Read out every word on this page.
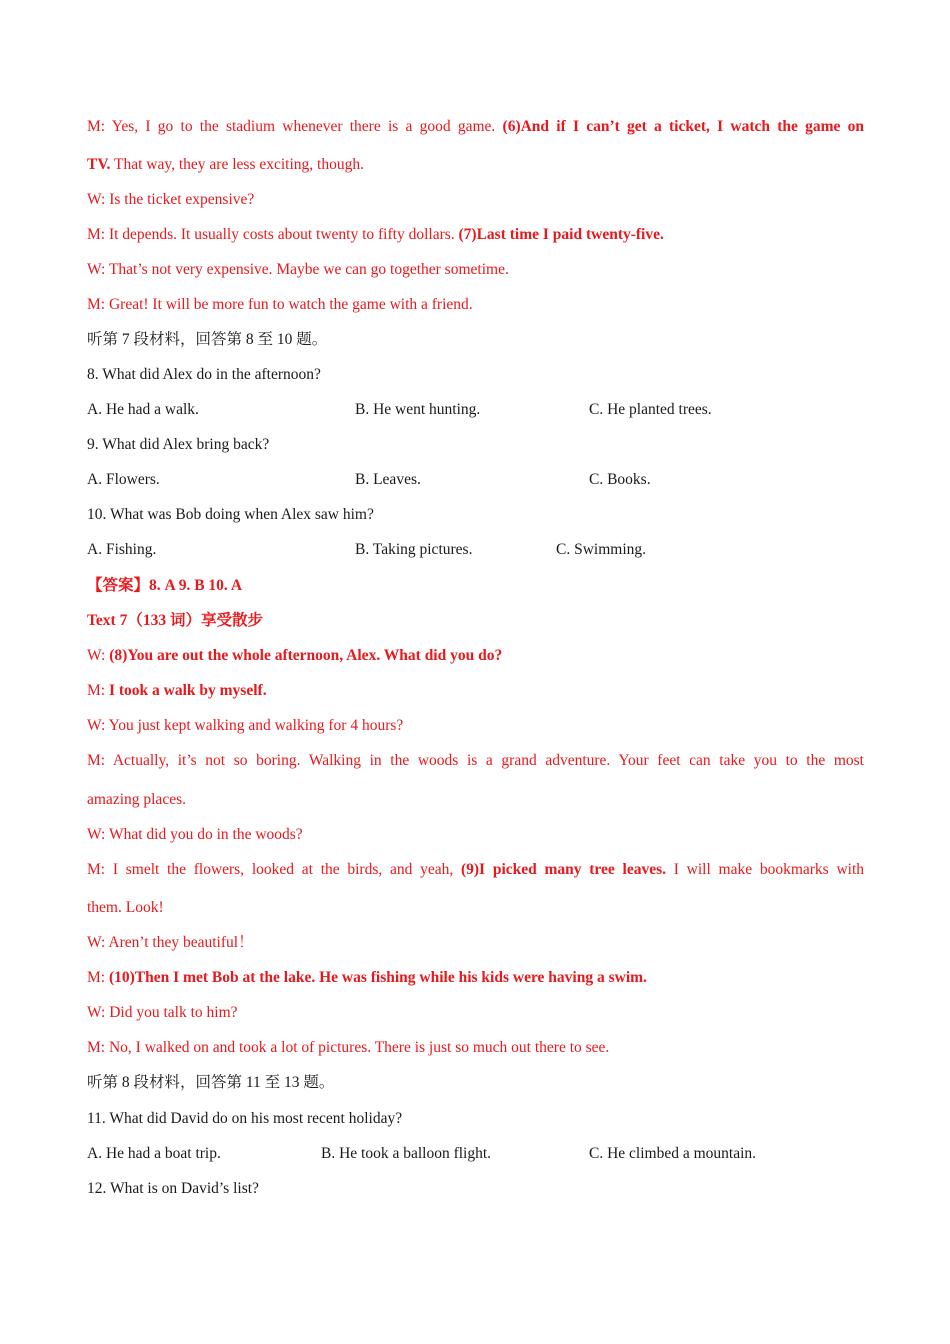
M: Yes, I go to the stadium whenever there is a good game. (6)And if I can’t get a ticket, I watch the game on
TV. That way, they are less exciting, though.
W: Is the ticket expensive?
M: It depends. It usually costs about twenty to fifty dollars. (7)Last time I paid twenty-five.
W: That’s not very expensive. Maybe we can go together sometime.
M: Great! It will be more fun to watch the game with a friend.
听第 7 段材料，回答第 8 至 10 题。
8. What did Alex do in the afternoon?
A. He had a walk.	B. He went hunting.	C. He planted trees.
9. What did Alex bring back?
A. Flowers.	B. Leaves.	C. Books.
10. What was Bob doing when Alex saw him?
A. Fishing.	B. Taking pictures.	C. Swimming.
【答案】8. A 9. B 10. A
Text 7（133 词）享受散步
W: (8)You are out the whole afternoon, Alex. What did you do?
M: I took a walk by myself.
W: You just kept walking and walking for 4 hours?
M: Actually, it’s not so boring. Walking in the woods is a grand adventure. Your feet can take you to the most
amazing places.
W: What did you do in the woods?
M: I smelt the flowers, looked at the birds, and yeah, (9)I picked many tree leaves. I will make bookmarks with
them. Look!
W: Aren’t they beautiful！
M: (10)Then I met Bob at the lake. He was fishing while his kids were having a swim.
W: Did you talk to him?
M: No, I walked on and took a lot of pictures. There is just so much out there to see.
听第 8 段材料，回答第 11 至 13 题。
11. What did David do on his most recent holiday?
A. He had a boat trip.	B. He took a balloon flight.	C. He climbed a mountain.
12. What is on David’s list?
